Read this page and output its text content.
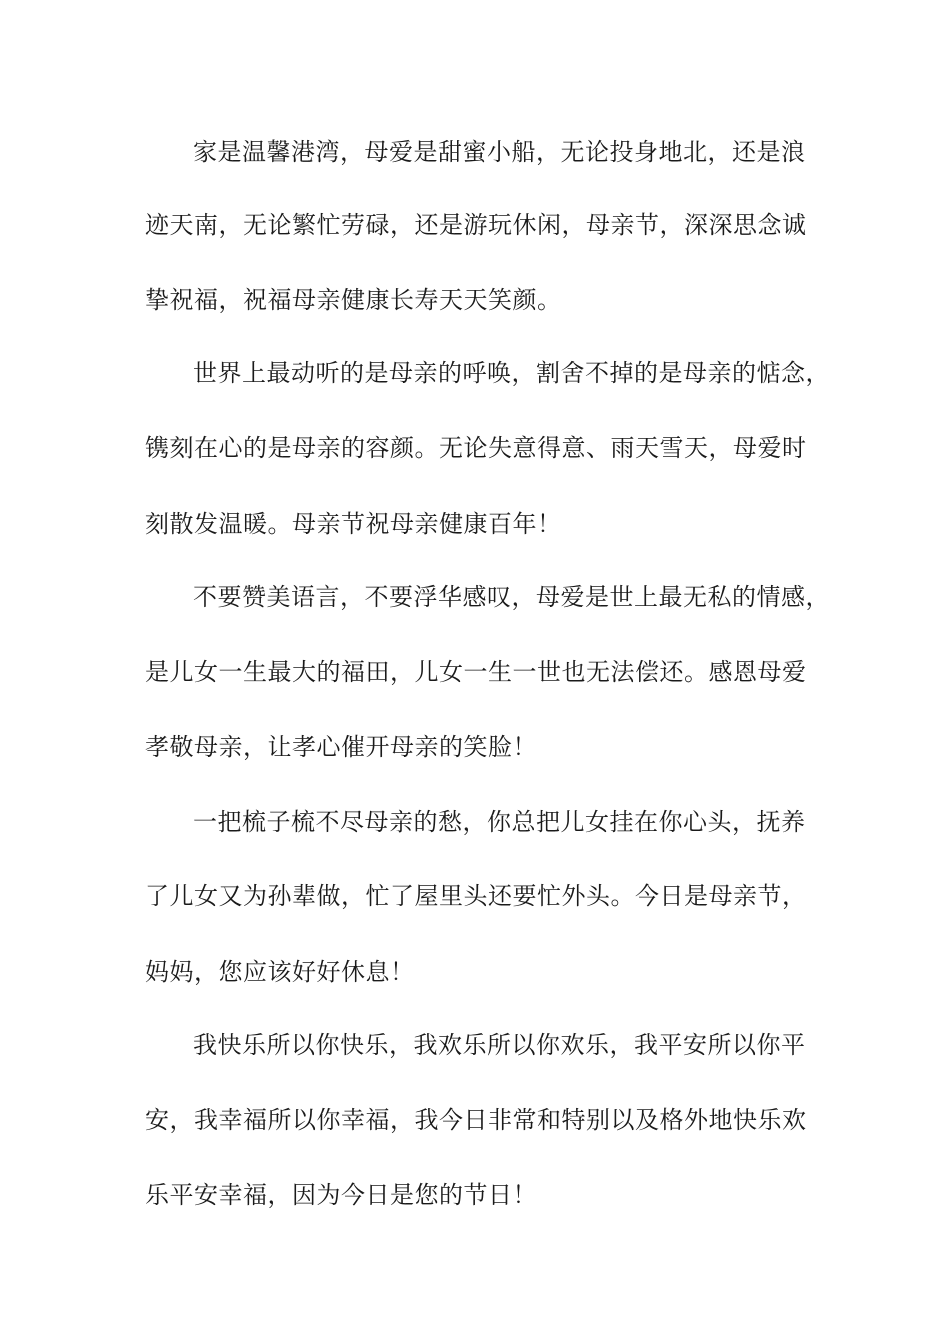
家是温馨港湾，母爱是甜蜜小船，无论投身地北，还是浪
迹天南，无论繁忙劳碌，还是游玩休闲，母亲节，深深思念诚
挚祝福，祝福母亲健康长寿天天笑颜。
世界上最动听的是母亲的呼唤，割舍不掉的是母亲的惦念，
镌刻在心的是母亲的容颜。无论失意得意、雨天雪天，母爱时
刻散发温暖。母亲节祝母亲健康百年！
不要赞美语言，不要浮华感叹，母爱是世上最无私的情感，
是儿女一生最大的福田，儿女一生一世也无法偿还。感恩母爱
孝敬母亲，让孝心催开母亲的笑脸！
一把梳子梳不尽母亲的愁，你总把儿女挂在你心头，抚养
了儿女又为孙辈做，忙了屋里头还要忙外头。今日是母亲节，
妈妈，您应该好好休息！
我快乐所以你快乐，我欢乐所以你欢乐，我平安所以你平
安，我幸福所以你幸福，我今日非常和特别以及格外地快乐欢
乐平安幸福，因为今日是您的节日！
